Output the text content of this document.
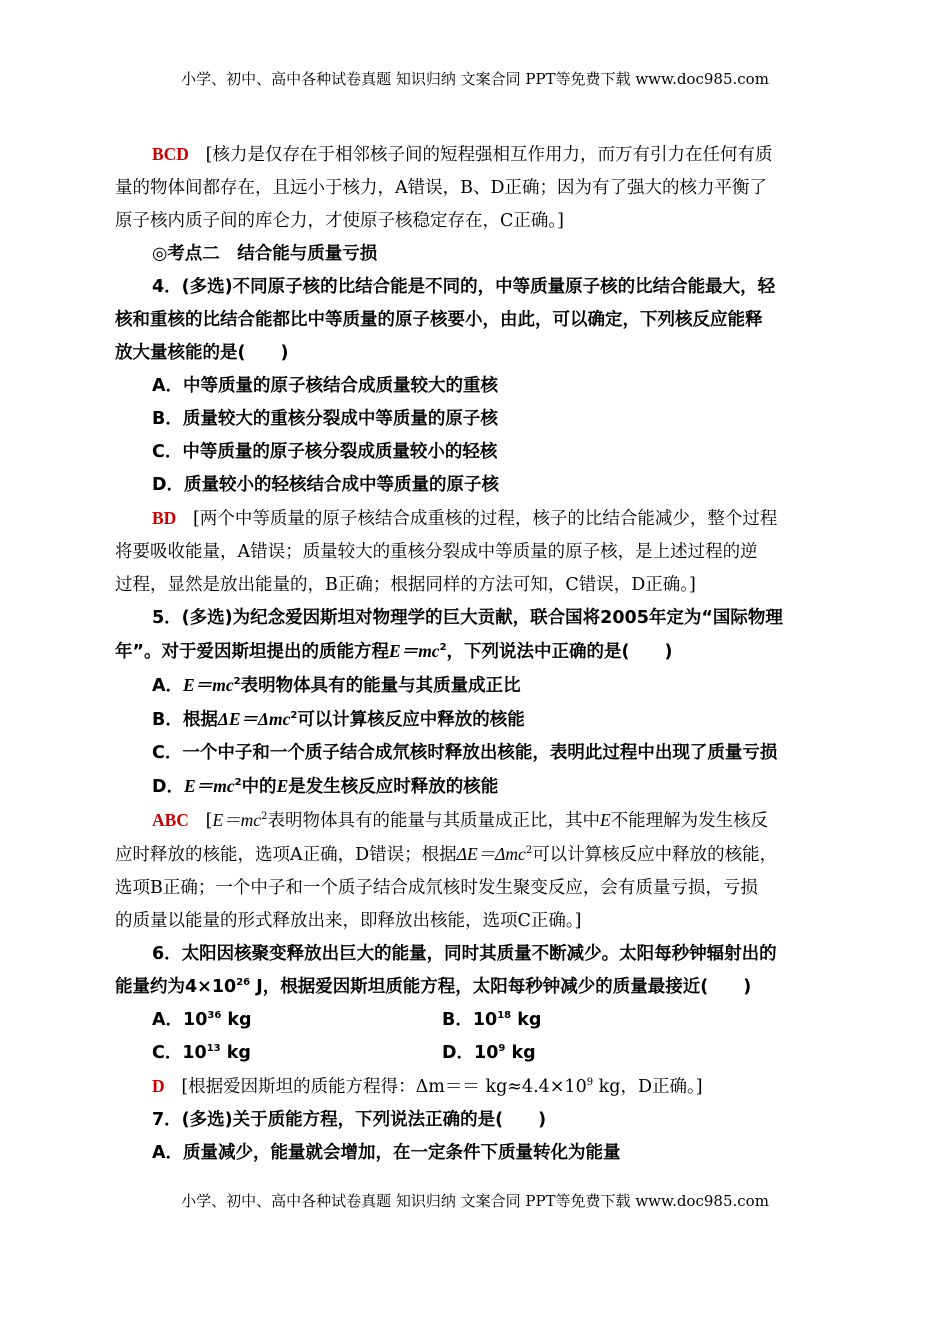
小学、初中、高中各种试卷真题 知识归纳 文案合同 PPT等免费下载 www.doc985.com

BCD [核力是仅存在于相邻核子间的短程强相互作用力，而万有引力在任何有质

量的物体间都存在，且远小于核力，A错误，B、D正确；因为有了强大的核力平衡了

原子核内质子间的库仑力，才使原子核稳定存在，C正确。]

◎考点二　结合能与质量亏损

4．(多选)不同原子核的比结合能是不同的，中等质量原子核的比结合能最大，轻

核和重核的比结合能都比中等质量的原子核要小，由此，可以确定，下列核反应能释

放大量核能的是(　　)

A．中等质量的原子核结合成质量较大的重核

B．质量较大的重核分裂成中等质量的原子核

C．中等质量的原子核分裂成质量较小的轻核

D．质量较小的轻核结合成中等质量的原子核

BD [两个中等质量的原子核结合成重核的过程，核子的比结合能减少，整个过程

将要吸收能量，A错误；质量较大的重核分裂成中等质量的原子核，是上述过程的逆

过程，显然是放出能量的，B正确；根据同样的方法可知，C错误，D正确。]

5．(多选)为纪念爱因斯坦对物理学的巨大贡献，联合国将2005年定为“国际物理

年”。对于爱因斯坦提出的质能方程$E=mc^2$，下列说法中正确的是(　　)

A．$E=mc^2$表明物体具有的能量与其质量成正比

B．根据ΔE＝Δmc$^2$可以计算核反应中释放的核能

C．一个中子和一个质子结合成氘核时释放出核能，表明此过程中出现了质量亏损

D．$E=mc^2$中的E是发生核反应时释放的核能

ABC [$E=mc^2$表明物体具有的能量与其质量成正比，其中E不能理解为发生核反

应时释放的核能，选项A正确，D错误；根据ΔE＝Δmc$^2$可以计算核反应中释放的核能，

选项B正确；一个中子和一个质子结合成氘核时发生聚变反应，会有质量亏损，亏损

的质量以能量的形式释放出来，即释放出核能，选项C正确。]

6．太阳因核聚变释放出巨大的能量，同时其质量不断减少。太阳每秒钟辐射出的

能量约为$4\times 10^{26}$ J，根据爱因斯坦质能方程，太阳每秒钟减少的质量最接近(　　)

A．$10^{36}$ kg	B．$10^{18}$ kg

C．$10^{13}$ kg	D．$10^9$ kg

D [根据爱因斯坦的质能方程得：$\Delta m== kg\approx 4.4\times 10^9$ kg，D正确。]

7．(多选)关于质能方程，下列说法正确的是(　　)

A．质量减少，能量就会增加，在一定条件下质量转化为能量

小学、初中、高中各种试卷真题 知识归纳 文案合同 PPT等免费下载 www.doc985.com
